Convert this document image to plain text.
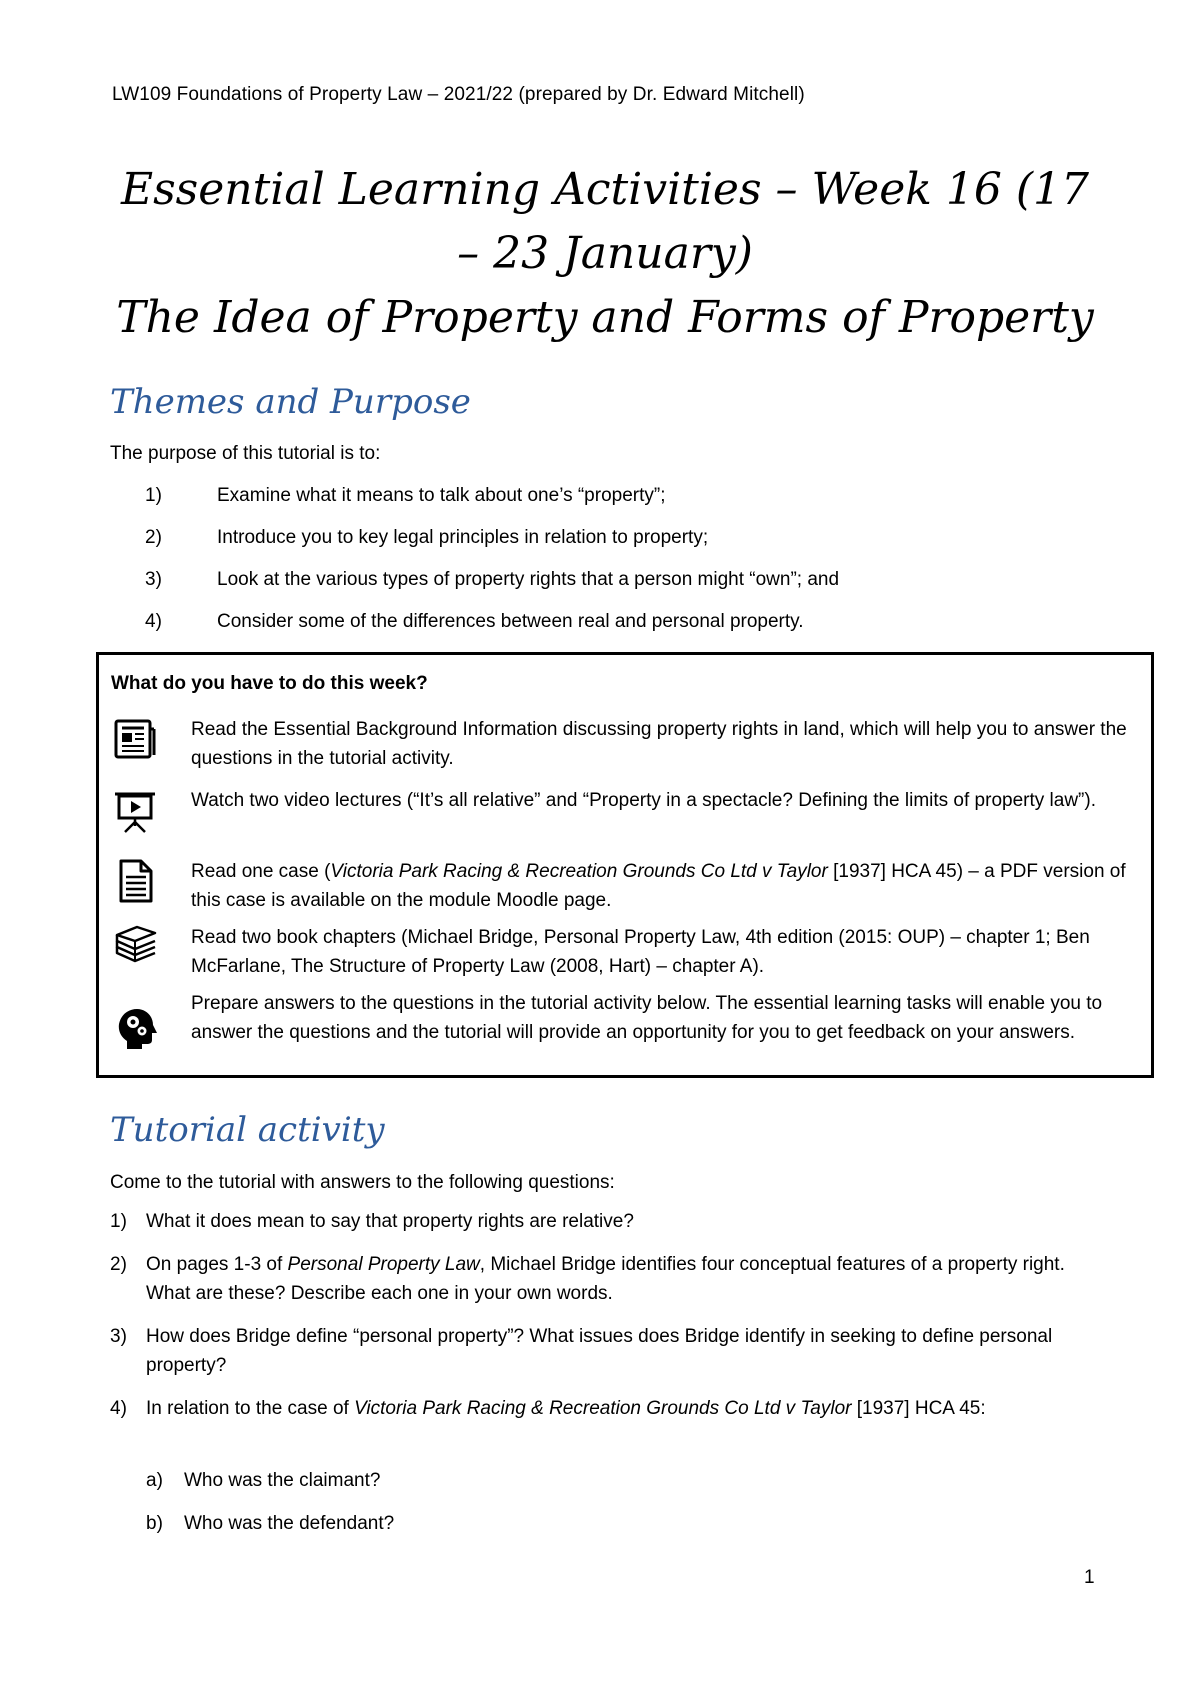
LW109 Foundations of Property Law – 2021/22 (prepared by Dr. Edward Mitchell)
Essential Learning Activities – Week 16 (17
– 23 January)
The Idea of Property and Forms of Property
Themes and Purpose

The purpose of this tutorial is to:

1)	Examine what it means to talk about one’s “property”;
2)	Introduce you to key legal principles in relation to property;
3)	Look at the various types of property rights that a person might “own”; and
4)	Consider some of the differences between real and personal property.
What do you have to do this week?
Read the Essential Background Information discussing property rights in land, which will help you to answer the questions in the tutorial activity.
Watch two video lectures (“It’s all relative” and “Property in a spectacle? Defining the limits of property law”).
Read one case (Victoria Park Racing & Recreation Grounds Co Ltd v Taylor [1937] HCA 45) – a PDF version of this case is available on the module Moodle page.
Read two book chapters (Michael Bridge, Personal Property Law, 4th edition (2015: OUP) – chapter 1; Ben McFarlane, The Structure of Property Law (2008, Hart) – chapter A).
Prepare answers to the questions in the tutorial activity below. The essential learning tasks will enable you to answer the questions and the tutorial will provide an opportunity for you to get feedback on your answers.
Tutorial activity

Come to the tutorial with answers to the following questions:

1) What it does mean to say that property rights are relative?
2) On pages 1-3 of Personal Property Law, Michael Bridge identifies four conceptual features of a property right. What are these? Describe each one in your own words.
3) How does Bridge define “personal property”? What issues does Bridge identify in seeking to define personal property?
4) In relation to the case of Victoria Park Racing & Recreation Grounds Co Ltd v Taylor [1937] HCA 45:
a) Who was the claimant?
b) Who was the defendant?
1
